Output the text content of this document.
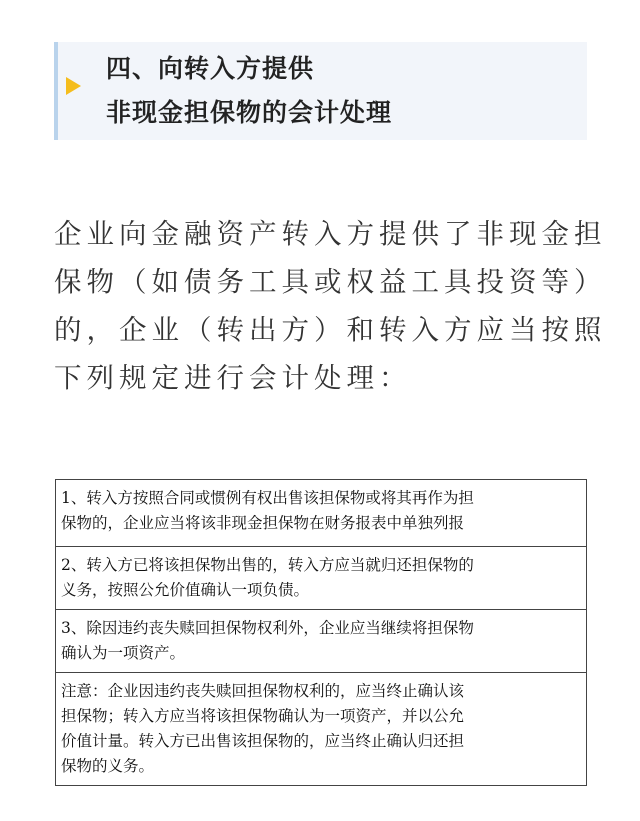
四、向转入方提供
非现金担保物的会计处理
企业向金融资产转入方提供了非现金担
保物（如债务工具或权益工具投资等）
的，企业（转出方）和转入方应当按照
下列规定进行会计处理：
1、转入方按照合同或惯例有权出售该担保物或将其再作为担
保物的，企业应当将该非现金担保物在财务报表中单独列报

2、转入方已将该担保物出售的，转入方应当就归还担保物的
义务，按照公允价值确认一项负债。

3、除因违约丧失赎回担保物权利外，企业应当继续将担保物
确认为一项资产。

注意：企业因违约丧失赎回担保物权利的，应当终止确认该
担保物；转入方应当将该担保物确认为一项资产，并以公允
价值计量。转入方已出售该担保物的，应当终止确认归还担
保物的义务。
